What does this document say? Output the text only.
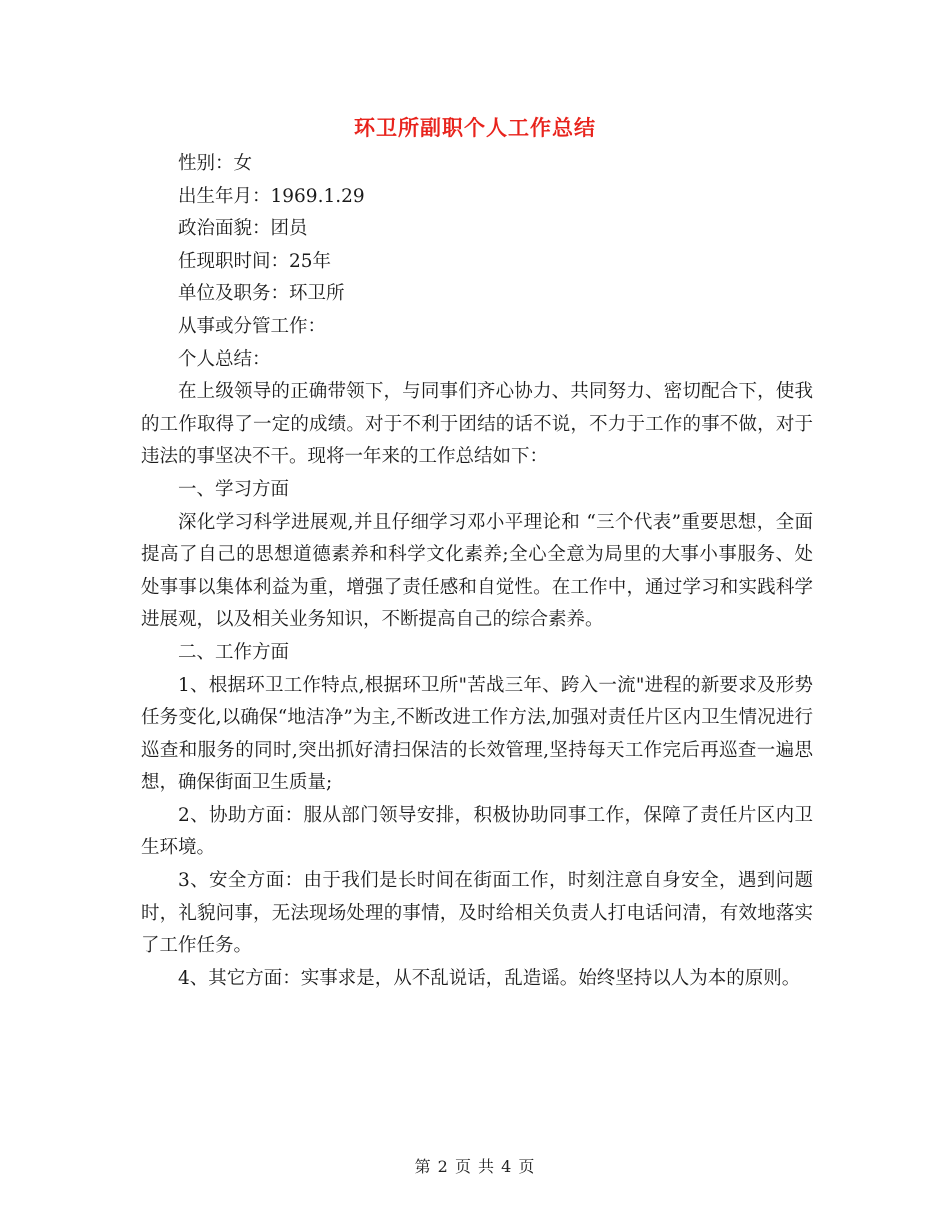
环卫所副职个人工作总结

性别：女

出生年月：1969.1.29

政治面貌：团员

任现职时间：25年

单位及职务：环卫所

从事或分管工作：

个人总结：

在上级领导的正确带领下，与同事们齐心协力、共同努力、密切配合下，使我的工作取得了一定的成绩。对于不利于团结的话不说，不力于工作的事不做，对于违法的事坚决不干。现将一年来的工作总结如下：

一、学习方面

深化学习科学进展观,并且仔细学习邓小平理论和 “三个代表”重要思想，全面提高了自己的思想道德素养和科学文化素养;全心全意为局里的大事小事服务、处处事事以集体利益为重，增强了责任感和自觉性。在工作中，通过学习和实践科学进展观，以及相关业务知识，不断提高自己的综合素养。

二、工作方面

1、根据环卫工作特点,根据环卫所"苦战三年、跨入一流"进程的新要求及形势任务变化,以确保“地洁净”为主,不断改进工作方法,加强对责任片区内卫生情况进行巡查和服务的同时,突出抓好清扫保洁的长效管理,坚持每天工作完后再巡查一遍思想，确保街面卫生质量;

2、协助方面：服从部门领导安排，积极协助同事工作，保障了责任片区内卫生环境。

3、安全方面：由于我们是长时间在街面工作，时刻注意自身安全，遇到问题时，礼貌问事，无法现场处理的事情，及时给相关负责人打电话问清，有效地落实了工作任务。

4、其它方面：实事求是，从不乱说话，乱造谣。始终坚持以人为本的原则。

第 2 页 共 4 页
